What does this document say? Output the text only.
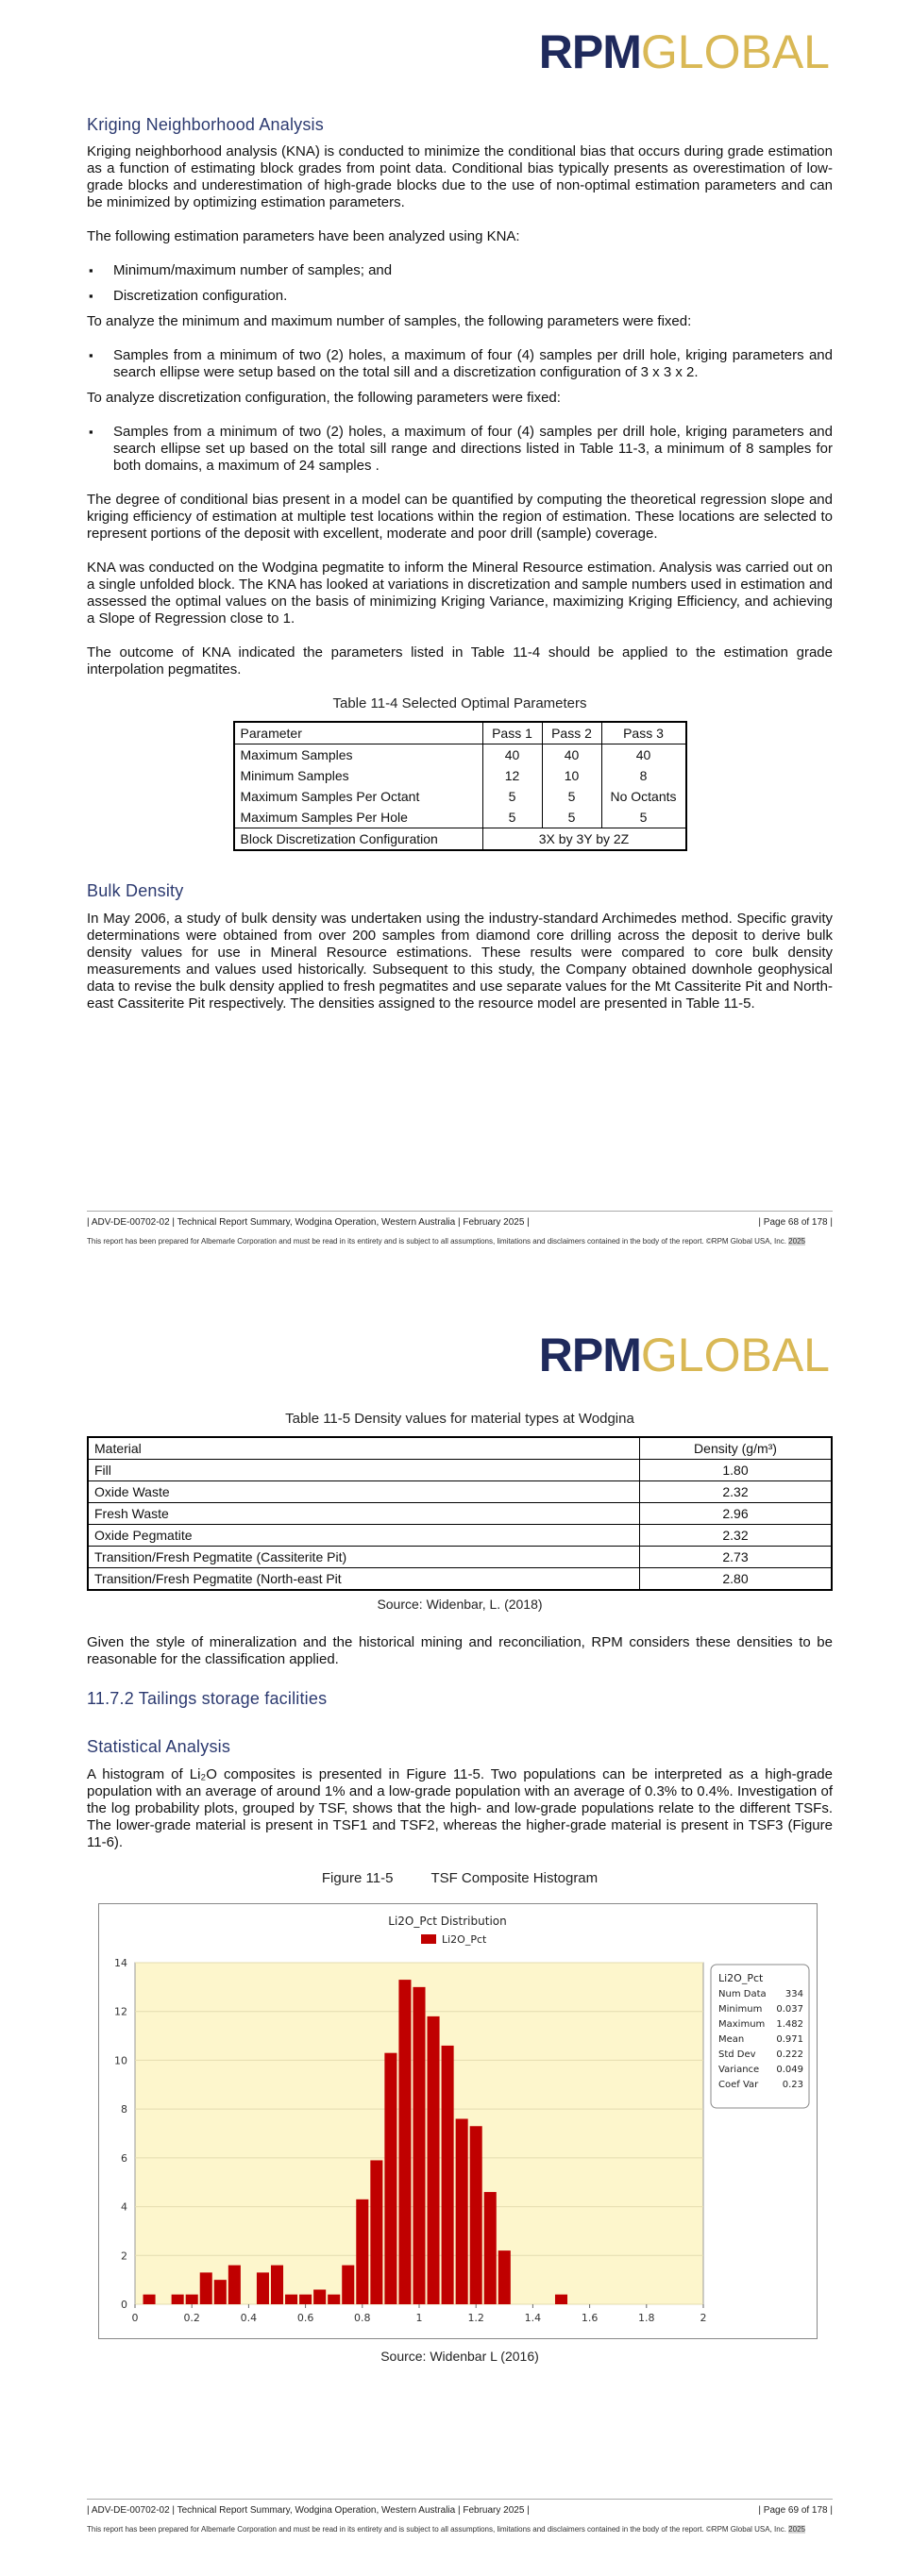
RPMGLOBAL
Kriging Neighborhood Analysis

Kriging neighborhood analysis (KNA) is conducted to minimize the conditional bias that occurs during grade estimation as a function of estimating block grades from point data. Conditional bias typically presents as overestimation of low-grade blocks and underestimation of high-grade blocks due to the use of non-optimal estimation parameters and can be minimized by optimizing estimation parameters.

The following estimation parameters have been analyzed using KNA:

▪ Minimum/maximum number of samples; and
▪ Discretization configuration.

To analyze the minimum and maximum number of samples, the following parameters were fixed:

▪ Samples from a minimum of two (2) holes, a maximum of four (4) samples per drill hole, kriging parameters and search ellipse were setup based on the total sill and a discretization configuration of 3 x 3 x 2.

To analyze discretization configuration, the following parameters were fixed:

▪ Samples from a minimum of two (2) holes, a maximum of four (4) samples per drill hole, kriging parameters and search ellipse set up based on the total sill range and directions listed in Table 11-3, a minimum of 8 samples for both domains, a maximum of 24 samples .

The degree of conditional bias present in a model can be quantified by computing the theoretical regression slope and kriging efficiency of estimation at multiple test locations within the region of estimation. These locations are selected to represent portions of the deposit with excellent, moderate and poor drill (sample) coverage.

KNA was conducted on the Wodgina pegmatite to inform the Mineral Resource estimation. Analysis was carried out on a single unfolded block. The KNA has looked at variations in discretization and sample numbers used in estimation and assessed the optimal values on the basis of minimizing Kriging Variance, maximizing Kriging Efficiency, and achieving a Slope of Regression close to 1.

The outcome of KNA indicated the parameters listed in Table 11-4 should be applied to the estimation grade interpolation pegmatites.

Table 11-4 Selected Optimal Parameters
Parameter	Pass 1	Pass 2	Pass 3
Maximum Samples	40	40	40
Minimum Samples	12	10	8
Maximum Samples Per Octant	5	5	No Octants
Maximum Samples Per Hole	5	5	5
Block Discretization Configuration	3X by 3Y by 2Z		
Bulk Density

In May 2006, a study of bulk density was undertaken using the industry-standard Archimedes method. Specific gravity determinations were obtained from over 200 samples from diamond core drilling across the deposit to derive bulk density values for use in Mineral Resource estimations. These results were compared to core bulk density measurements and values used historically. Subsequent to this study, the Company obtained downhole geophysical data to revise the bulk density applied to fresh pegmatites and use separate values for the Mt Cassiterite Pit and North-east Cassiterite Pit respectively. The densities assigned to the resource model are presented in Table 11-5.

| ADV-DE-00702-02 | Technical Report Summary, Wodgina Operation, Western Australia | February 2025 |	| Page 68 of 178 |
This report has been prepared for Albemarle Corporation and must be read in its entirety and is subject to all assumptions, limitations and disclaimers contained in the body of the report. ©RPM Global USA, Inc. 2025
RPMGLOBAL
Table 11-5 Density values for material types at Wodgina
Material	Density (g/m³)
Fill	1.80
Oxide Waste	2.32
Fresh Waste	2.96
Oxide Pegmatite	2.32
Transition/Fresh Pegmatite (Cassiterite Pit)	2.73
Transition/Fresh Pegmatite (North-east Pit	2.80
Source: Widenbar, L. (2018)

Given the style of mineralization and the historical mining and reconciliation, RPM considers these densities to be reasonable for the classification applied.

11.7.2 Tailings storage facilities
Statistical Analysis

A histogram of Li₂O composites is presented in Figure 11-5. Two populations can be interpreted as a high-grade population with an average of around 1% and a low-grade population with an average of 0.3% to 0.4%. Investigation of the log probability plots, grouped by TSF, shows that the high- and low-grade populations relate to the different TSFs. The lower-grade material is present in TSF1 and TSF2, whereas the higher-grade material is present in TSF3 (Figure 11-6).

Figure 11-5	TSF Composite Histogram
0
2
4
6
8
10
12
14
0	0.2	0.4	0.6	0.8	1	1.2	1.4	1.6	1.8	2
Li2O_Pct Distribution
Li2O_Pct
Li2O_Pct
Num Data 334
Minimum 0.037
Maximum 1.482
Mean	0.971
Std Dev 0.222
Variance 0.049
Coef Var	0.23
Source: Widenbar L (2016)
| ADV-DE-00702-02 | Technical Report Summary, Wodgina Operation, Western Australia | February 2025 |	| Page 69 of 178 |
This report has been prepared for Albemarle Corporation and must be read in its entirety and is subject to all assumptions, limitations and disclaimers contained in the body of the report. ©RPM Global USA, Inc. 2025
